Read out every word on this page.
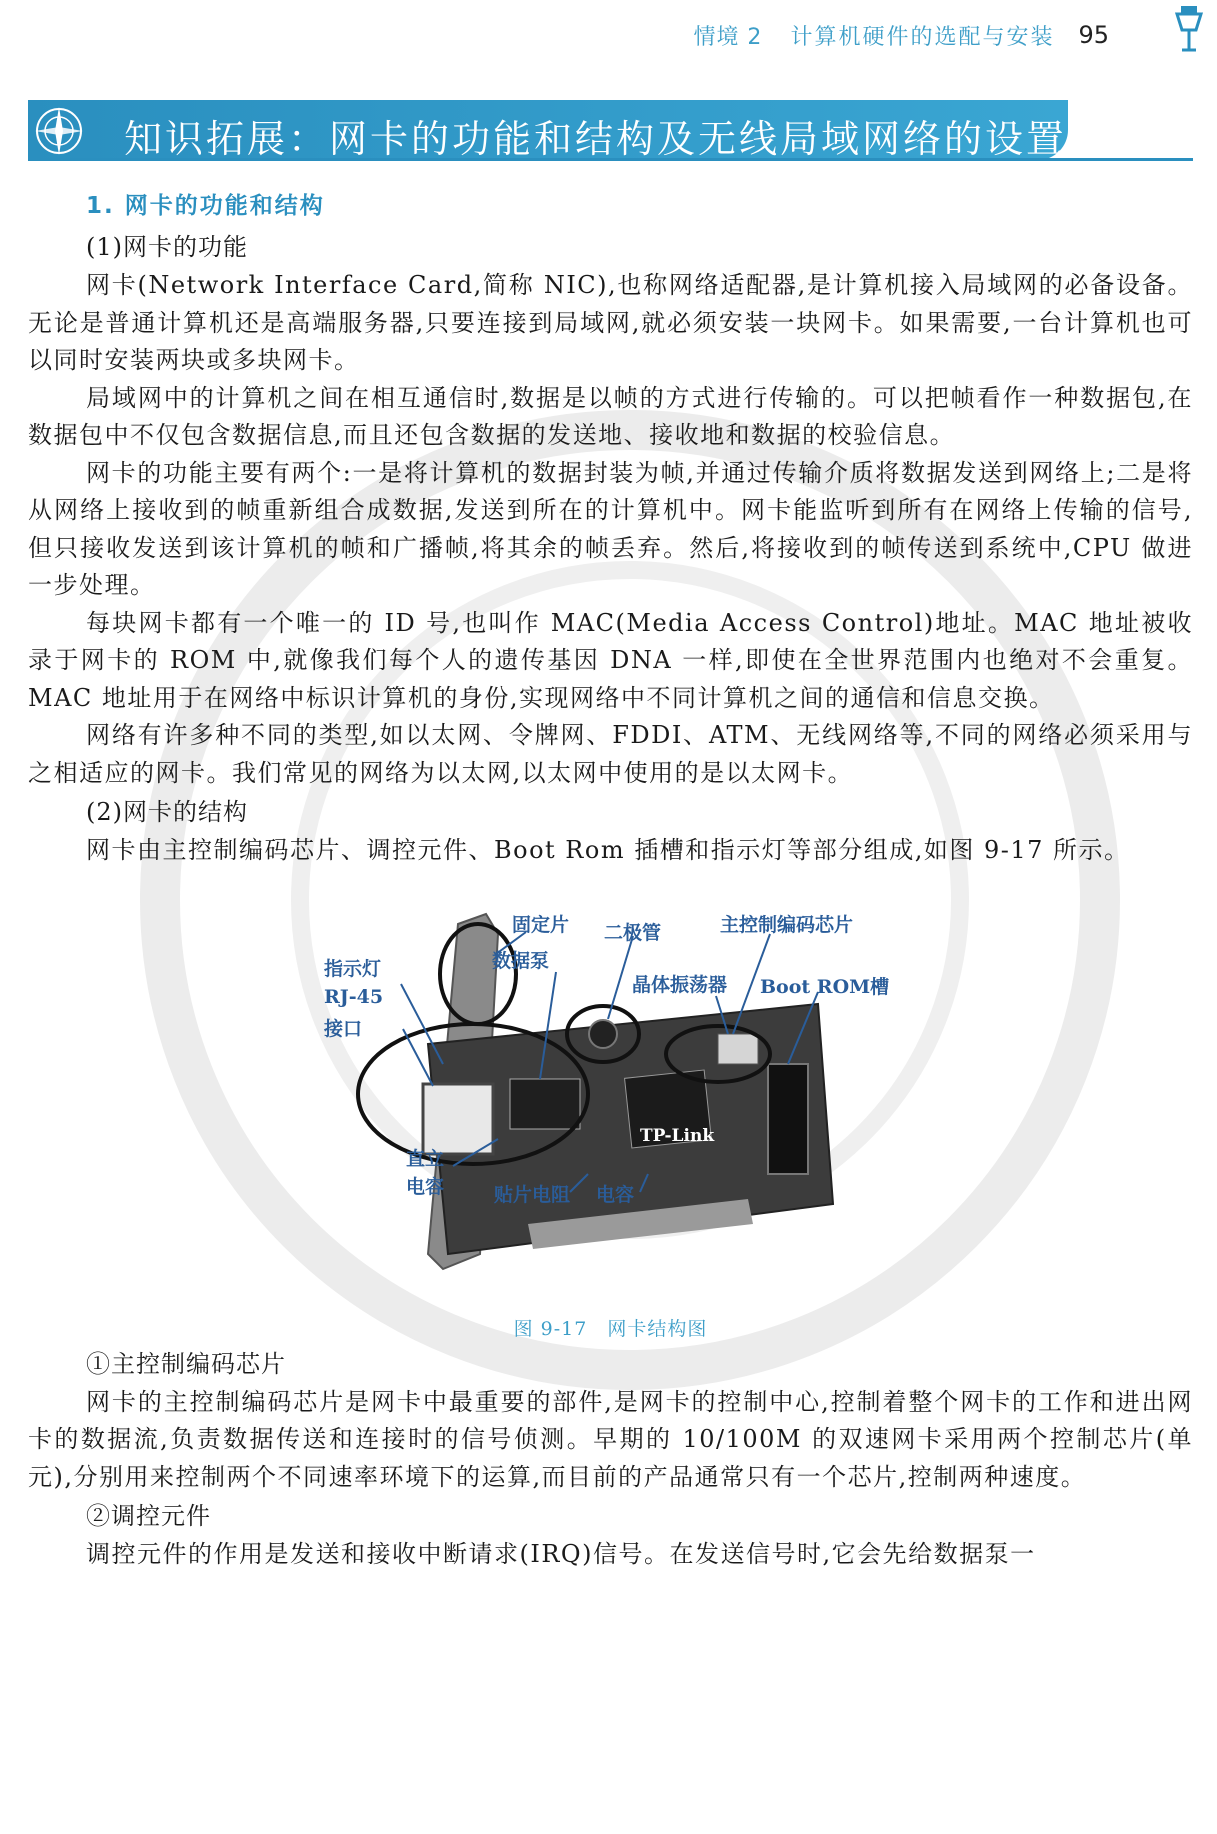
情境 2 计算机硬件的选配与安装 95
知识拓展：网卡的功能和结构及无线局域网络的设置
1. 网卡的功能和结构
(1)网卡的功能

网卡(Network Interface Card,简称 NIC),也称网络适配器,是计算机接入局域网的必备设备。无论是普通计算机还是高端服务器,只要连接到局域网,就必须安装一块网卡。如果需要,一台计算机也可以同时安装两块或多块网卡。

局域网中的计算机之间在相互通信时,数据是以帧的方式进行传输的。可以把帧看作一种数据包,在数据包中不仅包含数据信息,而且还包含数据的发送地、接收地和数据的校验信息。

网卡的功能主要有两个:一是将计算机的数据封装为帧,并通过传输介质将数据发送到网络上;二是将从网络上接收到的帧重新组合成数据,发送到所在的计算机中。网卡能监听到所有在网络上传输的信号,但只接收发送到该计算机的帧和广播帧,将其余的帧丢弃。然后,将接收到的帧传送到系统中,CPU 做进一步处理。

每块网卡都有一个唯一的 ID 号,也叫作 MAC(Media Access Control)地址。MAC 地址被收录于网卡的 ROM 中,就像我们每个人的遗传基因 DNA 一样,即使在全世界范围内也绝对不会重复。MAC 地址用于在网络中标识计算机的身份,实现网络中不同计算机之间的通信和信息交换。

网络有许多种不同的类型,如以太网、令牌网、FDDI、ATM、无线网络等,不同的网络必须采用与之相适应的网卡。我们常见的网络为以太网,以太网中使用的是以太网卡。

(2)网卡的结构

网卡由主控制编码芯片、调控元件、Boot Rom 插槽和指示灯等部分组成,如图 9-17 所示。

固定片 二极管	主控制编码芯片
指示灯	数据泵
晶体振荡器 Boot ROM槽
RJ-45
接口
直立
电容	贴片电阻 电容
TP-Link
图 9-17 网卡结构图
①主控制编码芯片

网卡的主控制编码芯片是网卡中最重要的部件,是网卡的控制中心,控制着整个网卡的工作和进出网卡的数据流,负责数据传送和连接时的信号侦测。早期的 10/100M 的双速网卡采用两个控制芯片(单元),分别用来控制两个不同速率环境下的运算,而目前的产品通常只有一个芯片,控制两种速度。

②调控元件

调控元件的作用是发送和接收中断请求(IRQ)信号。在发送信号时,它会先给数据泵一
